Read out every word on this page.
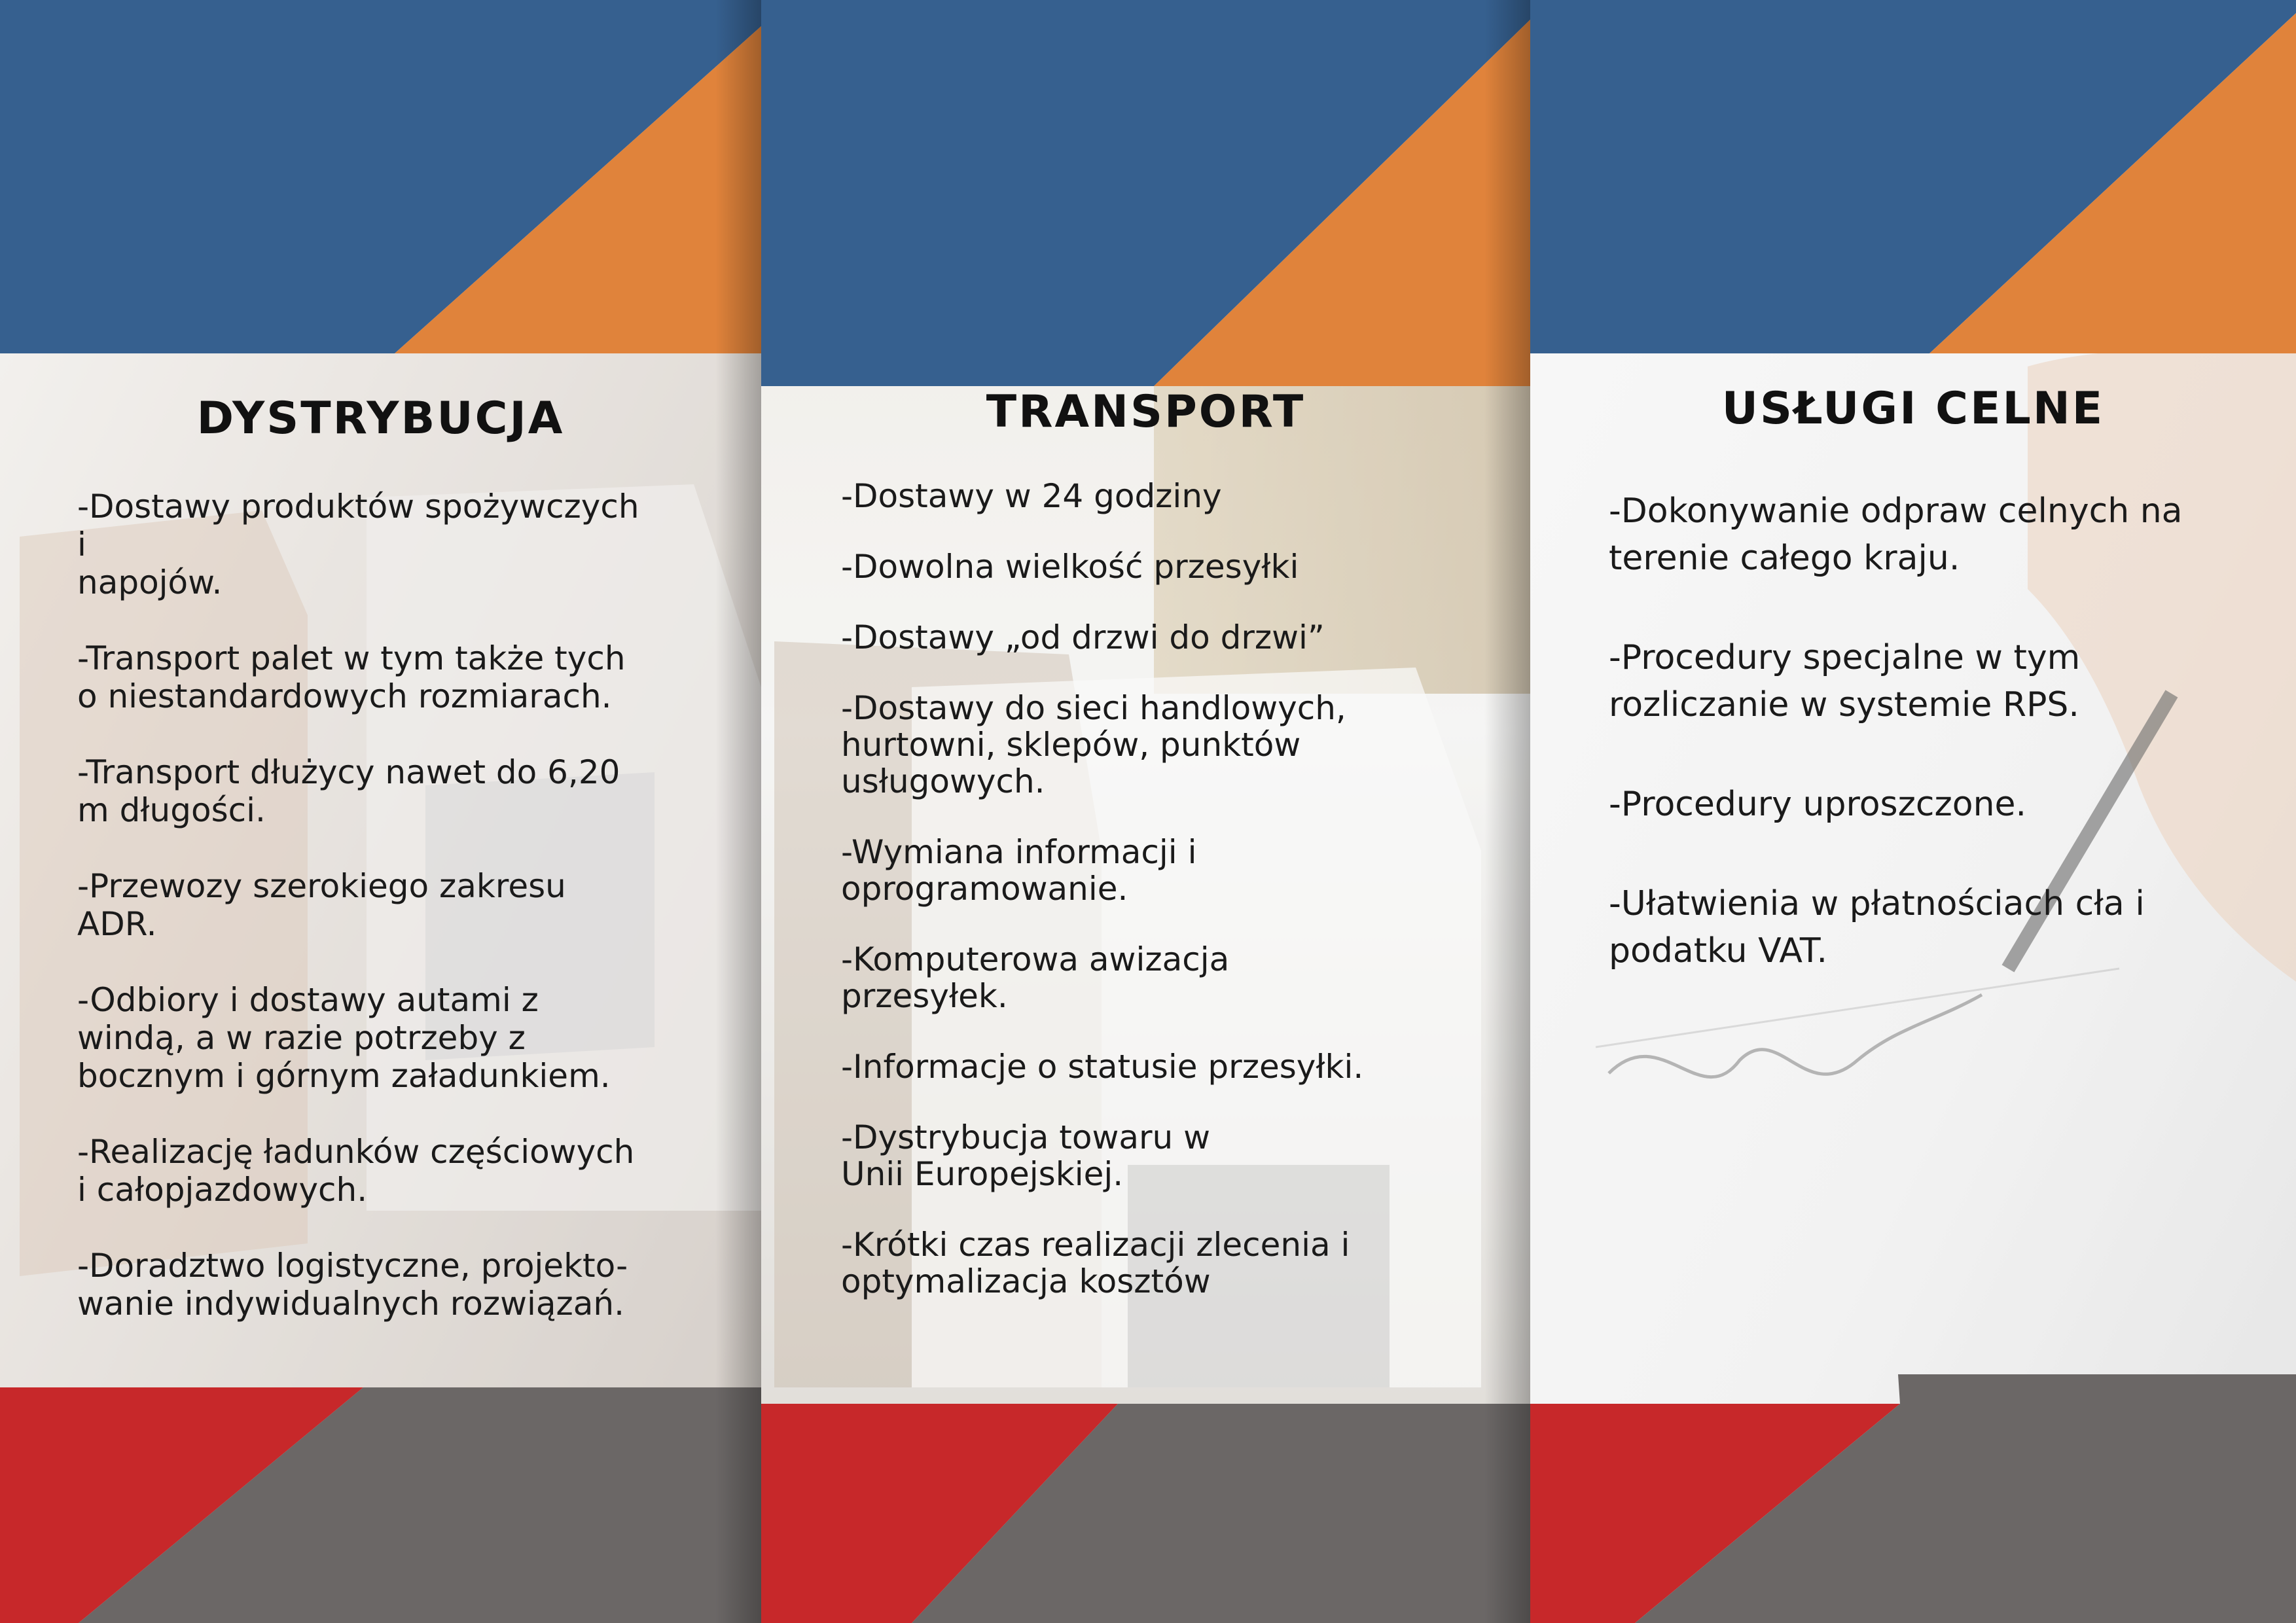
DYSTRYBUCJA
-Dostawy produktów spożywczych
i
napojów.
-Transport palet w tym także tych
o niestandardowych rozmiarach.
-Transport dłużycy nawet do 6,20
m długości.
-Przewozy szerokiego zakresu
ADR.
-Odbiory i dostawy autami z
windą, a w razie potrzeby z
bocznym i górnym załadunkiem.
-Realizację ładunków częściowych
i całopjazdowych.
-Doradztwo logistyczne, projekto-
wanie indywidualnych rozwiązań.
TRANSPORT
-Dostawy w 24 godziny
-Dowolna wielkość przesyłki
-Dostawy „od drzwi do drzwi”
-Dostawy do sieci handlowych,
hurtowni, sklepów, punktów
usługowych.
-Wymiana informacji i
oprogramowanie.
-Komputerowa awizacja
przesyłek.
-Informacje o statusie przesyłki.
-Dystrybucja towaru w
Unii Europejskiej.
-Krótki czas realizacji zlecenia i
optymalizacja kosztów
USŁUGI CELNE
-Dokonywanie odpraw celnych na
terenie całego kraju.
-Procedury specjalne w tym
rozliczanie w systemie RPS.
-Procedury uproszczone.
-Ułatwienia w płatnościach cła i
podatku VAT.
